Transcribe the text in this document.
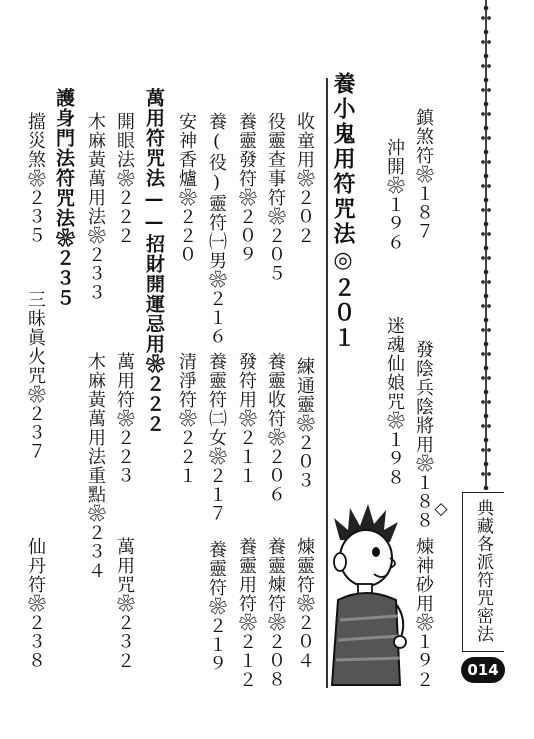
典藏各派符咒密法◇
014
鎮煞符❀１８７
沖開❀１９６
發陰兵陰將用❀１８８
迷魂仙娘咒❀１９８
煉神砂用❀１９２
養小鬼用符咒法◎２０１
收童用❀２０２
練通靈❀２０３
煉靈符❀２０４
役靈查事符❀２０５
養靈收符❀２０６
養靈煉符❀２０８
養靈發符❀２０９
發符用❀２１１
養靈用符❀２１２
養(役)靈符㈠男❀２１６
養靈符㈡女❀２１７
養靈符❀２１９
安神香爐❀２２０
清淨符❀２２１
萬用符咒法——招財開運忌用❀２２２
開眼法❀２２２
萬用符❀２２３
萬用咒❀２３２
木麻黃萬用法❀２３３
木麻黃萬用法重點❀２３４
護身門法符咒法❀２３５
擋災煞❀２３５
三昧眞火咒❀２３７
仙丹符❀２３８
